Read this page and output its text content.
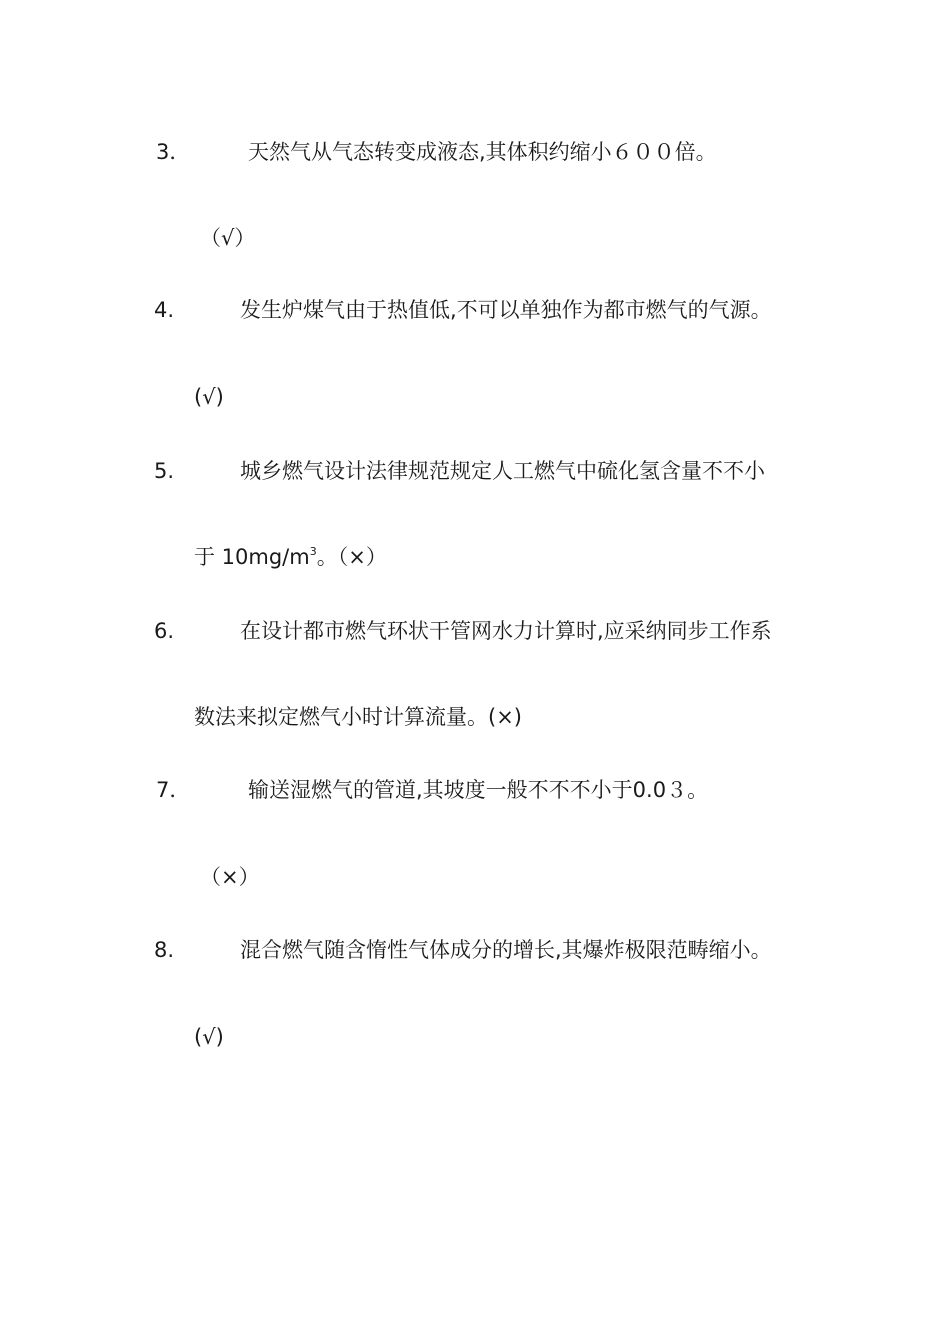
3．	天然气从气态转变成液态,其体积约缩小６００倍。
（√）
4.	发生炉煤气由于热值低,不可以单独作为都市燃气的气源。
(√)
5.	城乡燃气设计法律规范规定人工燃气中硫化氢含量不不小
于 $10mg/m^3$。（×）
6.	在设计都市燃气环状干管网水力计算时,应采纳同步工作系
数法来拟定燃气小时计算流量。(×)
7．	输送湿燃气的管道,其坡度一般不不不小于0.0３。
（×）
8.	混合燃气随含惰性气体成分的增长,其爆炸极限范畴缩小。
(√)
